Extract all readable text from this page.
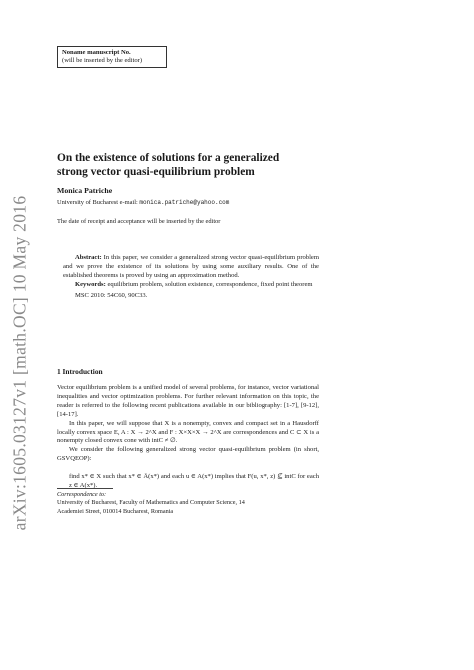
arXiv:1605.03127v1 [math.OC] 10 May 2016
Noname manuscript No.
(will be inserted by the editor)
On the existence of solutions for a generalized
strong vector quasi-equilibrium problem
Monica Patriche
University of Bucharest e-mail: monica.patriche@yahoo.com
The date of receipt and acceptance will be inserted by the editor

Abstract: In this paper, we consider a generalized strong vector quasi-equilibrium problem and we prove the existence of its solutions by using some auxiliary results. One of the established theorems is proved by using an approximation method.

Keywords: equilibrium problem, solution existence, correspondence, fixed point theorem

MSC 2010: 54C60, 90C33.

1 Introduction

Vector equilibrium problem is a unified model of several problems, for instance, vector variational inequalities and vector optimization problems. For further relevant information on this topic, the reader is referred to the following recent publications available in our bibliography: [1-7], [9-12], [14-17].

In this paper, we will suppose that X is a nonempty, convex and compact set in a Hausdorff locally convex space E, A : X → 2^X and F : X×X×X → 2^X are correspondences and C ⊂ X is a nonempty closed convex cone with intC ≠ ∅.

We consider the following generalized strong vector quasi-equilibrium problem (in short, GSVQEOP):

find x* ∈ X such that x* ∈ Ā(x*) and each u ∈ A(x*) implies that F(u, x*, z) ⊈ intC for each z ∈ A(x*).

Correspondence to:
University of Bucharest, Faculty of Mathematics and Computer Science, 14
Academiei Street, 010014 Bucharest, Romania
